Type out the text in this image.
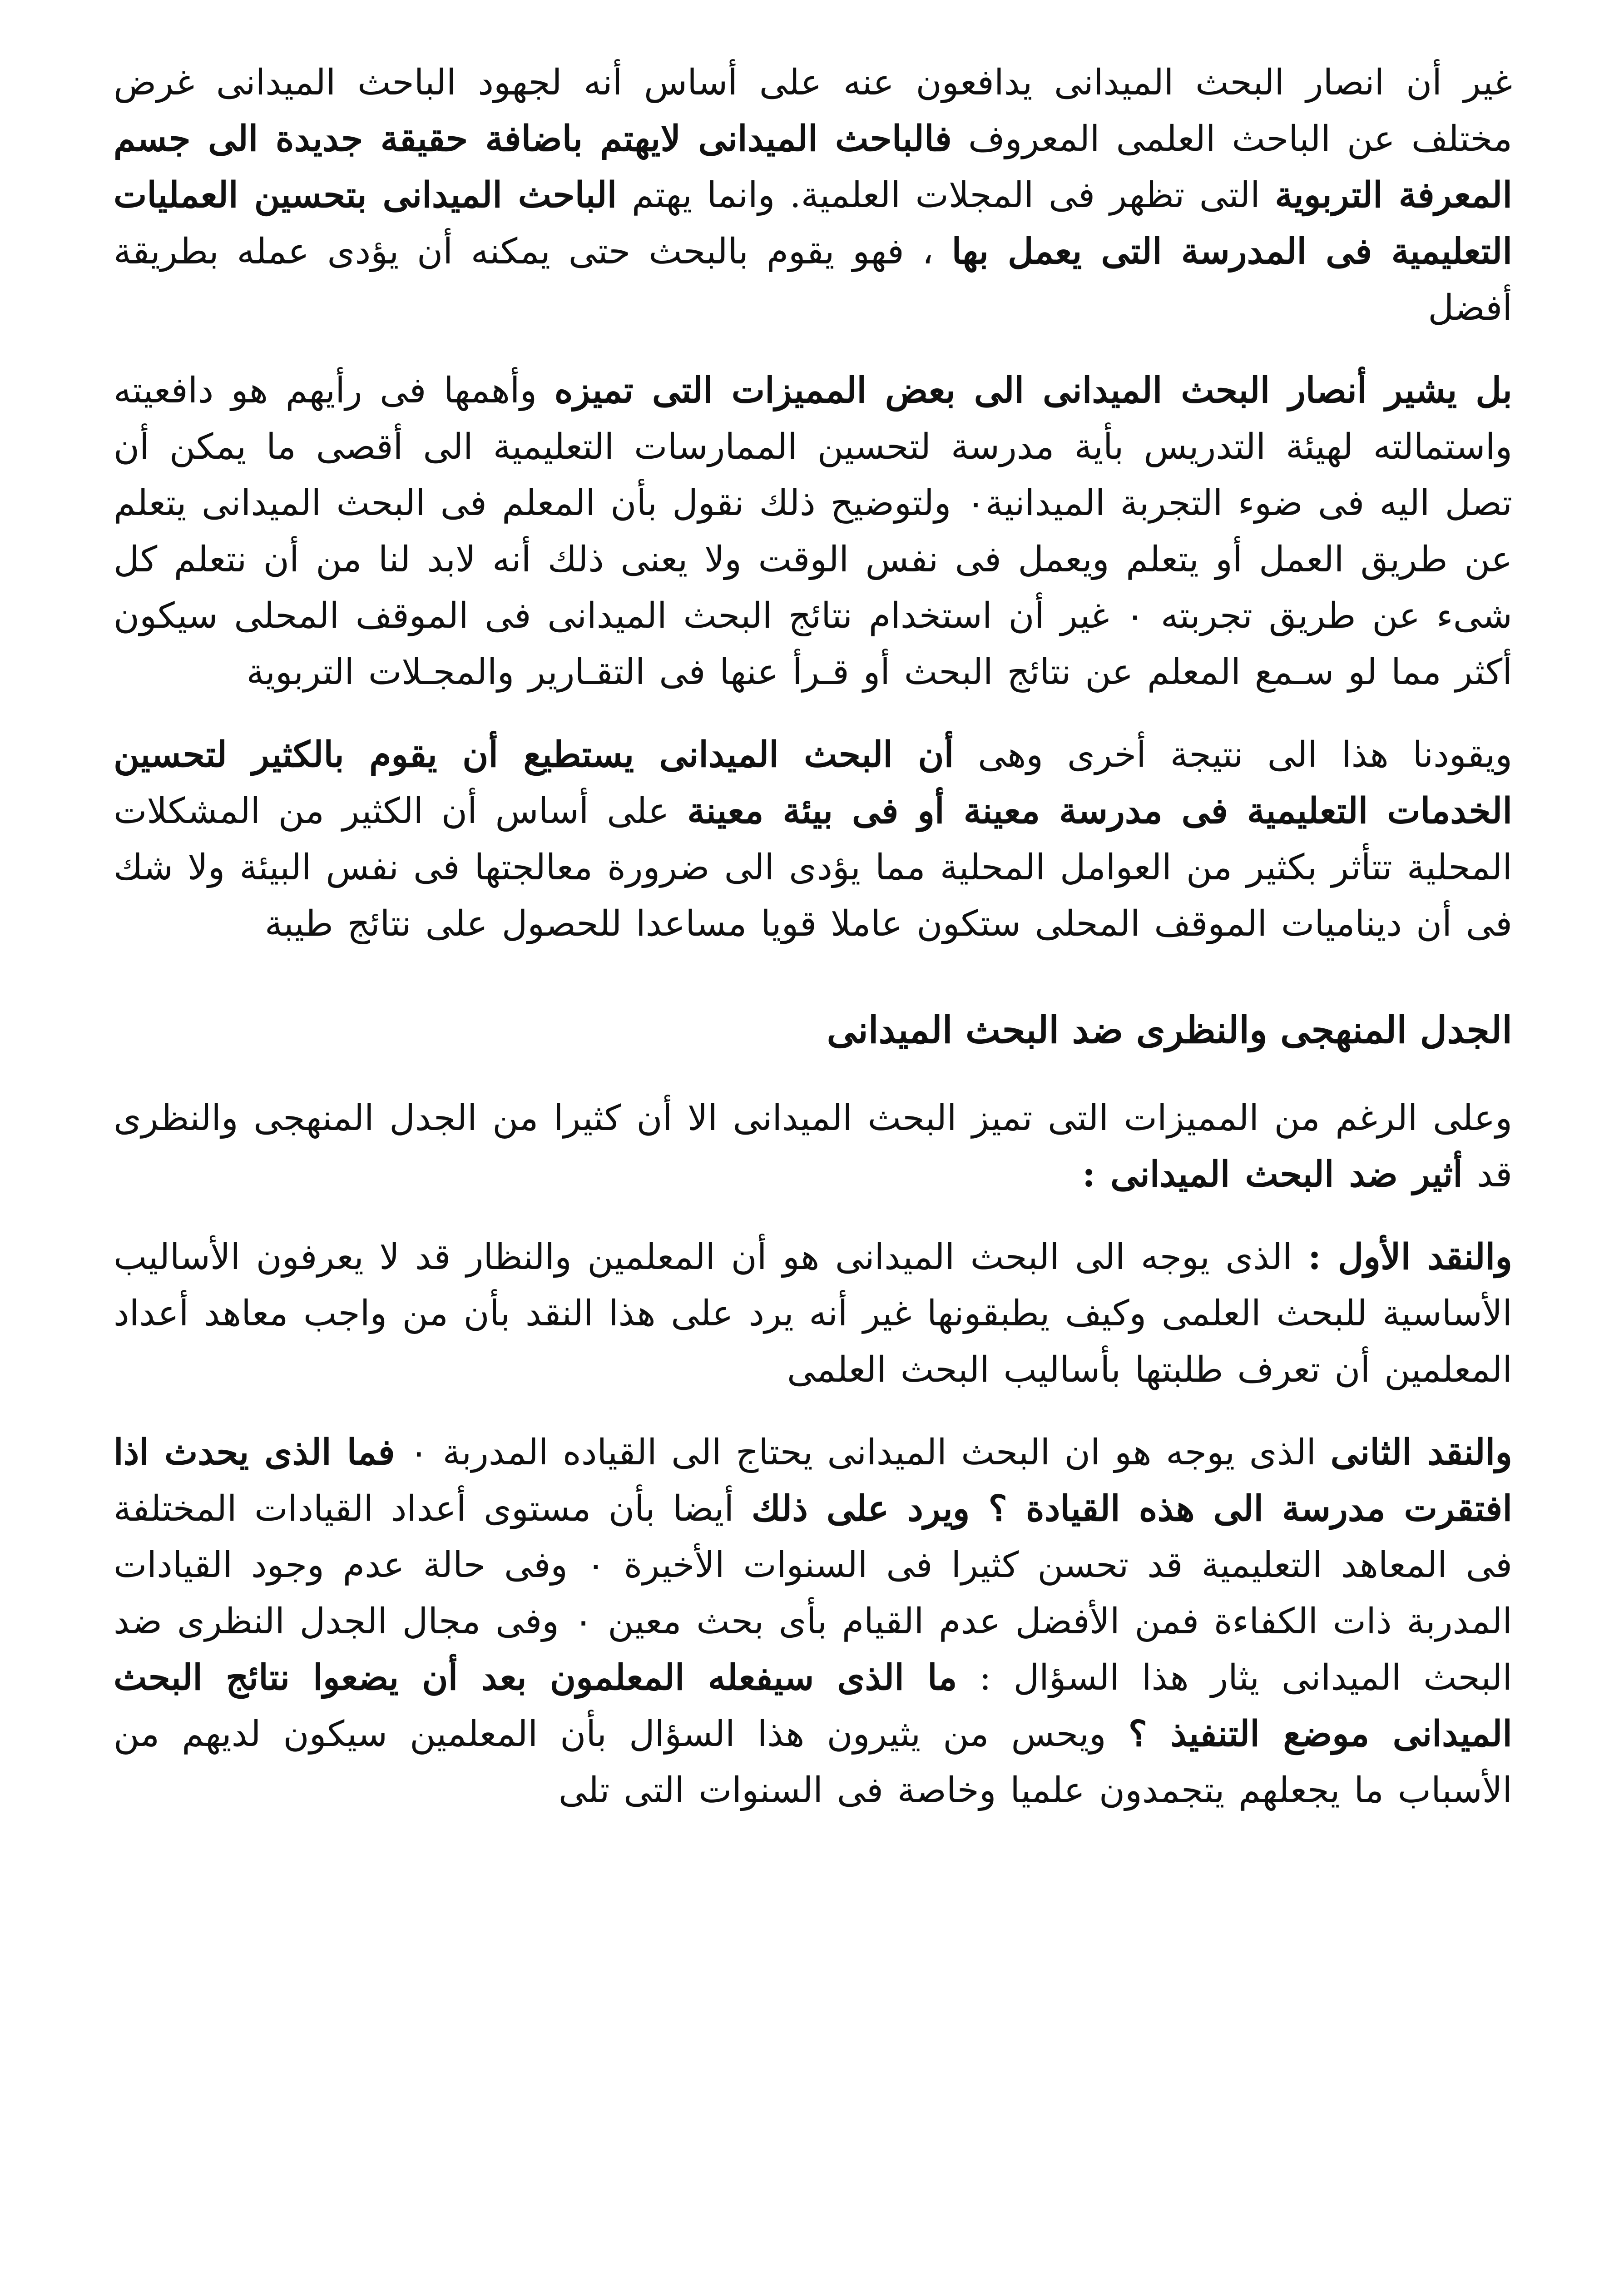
غير أن انصار البحث الميدانى يدافعون عنه على أساس أنه لجهود الباحث الميدانى غرض مختلف عن الباحث العلمى المعروف فالباحث الميدانى لايهتم باضافة حقيقة جديدة الى جسم المعرفة التربوية التى تظهر فى المجلات العلمية. وانما يهتم الباحث الميدانى بتحسين العمليات التعليمية فى المدرسة التى يعمل بها ، فهو يقوم بالبحث حتى يمكنه أن يؤدى عمله بطريقة أفضل

بل يشير أنصار البحث الميدانى الى بعض المميزات التى تميزه وأهمها فى رأيهم هو دافعيته واستمالته لهيئة التدريس بأية مدرسة لتحسين الممارسات التعليمية الى أقصى ما يمكن أن تصل اليه فى ضوء التجربة الميدانية٠ ولتوضيح ذلك نقول بأن المعلم فى البحث الميدانى يتعلم عن طريق العمل أو يتعلم ويعمل فى نفس الوقت ولا يعنى ذلك أنه لابد لنا من أن نتعلم كل شىء عن طريق تجربته ٠ غير أن استخدام نتائج البحث الميدانى فى الموقف المحلى سيكون أكثر مما لو سـمع المعلم عن نتائج البحث أو قـرأ عنها فى التقـارير والمجـلات التربوية

ويقودنا هذا الى نتيجة أخرى وهى أن البحث الميدانى يستطيع أن يقوم بالكثير لتحسين الخدمات التعليمية فى مدرسة معينة أو فى بيئة معينة على أساس أن الكثير من المشكلات المحلية تتأثر بكثير من العوامل المحلية مما يؤدى الى ضرورة معالجتها فى نفس البيئة ولا شك فى أن ديناميات الموقف المحلى ستكون عاملا قويا مساعدا للحصول على نتائج طيبة

الجدل المنهجى والنظرى ضد البحث الميدانى

وعلى الرغم من المميزات التى تميز البحث الميدانى الا أن كثيرا من الجدل المنهجى والنظرى قد أثير ضد البحث الميدانى :

والنقد الأول : الذى يوجه الى البحث الميدانى هو أن المعلمين والنظار قد لا يعرفون الأساليب الأساسية للبحث العلمى وكيف يطبقونها غير أنه يرد على هذا النقد بأن من واجب معاهد أعداد المعلمين أن تعرف طلبتها بأساليب البحث العلمى

والنقد الثانى الذى يوجه هو ان البحث الميدانى يحتاج الى القياده المدربة ٠ فما الذى يحدث اذا افتقرت مدرسة الى هذه القيادة ؟ ويرد على ذلك أيضا بأن مستوى أعداد القيادات المختلفة فى المعاهد التعليمية قد تحسن كثيرا فى السنوات الأخيرة ٠ وفى حالة عدم وجود القيادات المدربة ذات الكفاءة فمن الأفضل عدم القيام بأى بحث معين ٠ وفى مجال الجدل النظرى ضد البحث الميدانى يثار هذا السؤال : ما الذى سيفعله المعلمون بعد أن يضعوا نتائج البحث الميدانى موضع التنفيذ ؟ ويحس من يثيرون هذا السؤال بأن المعلمين سيكون لديهم من الأسباب ما يجعلهم يتجمدون علميا وخاصة فى السنوات التى تلى
